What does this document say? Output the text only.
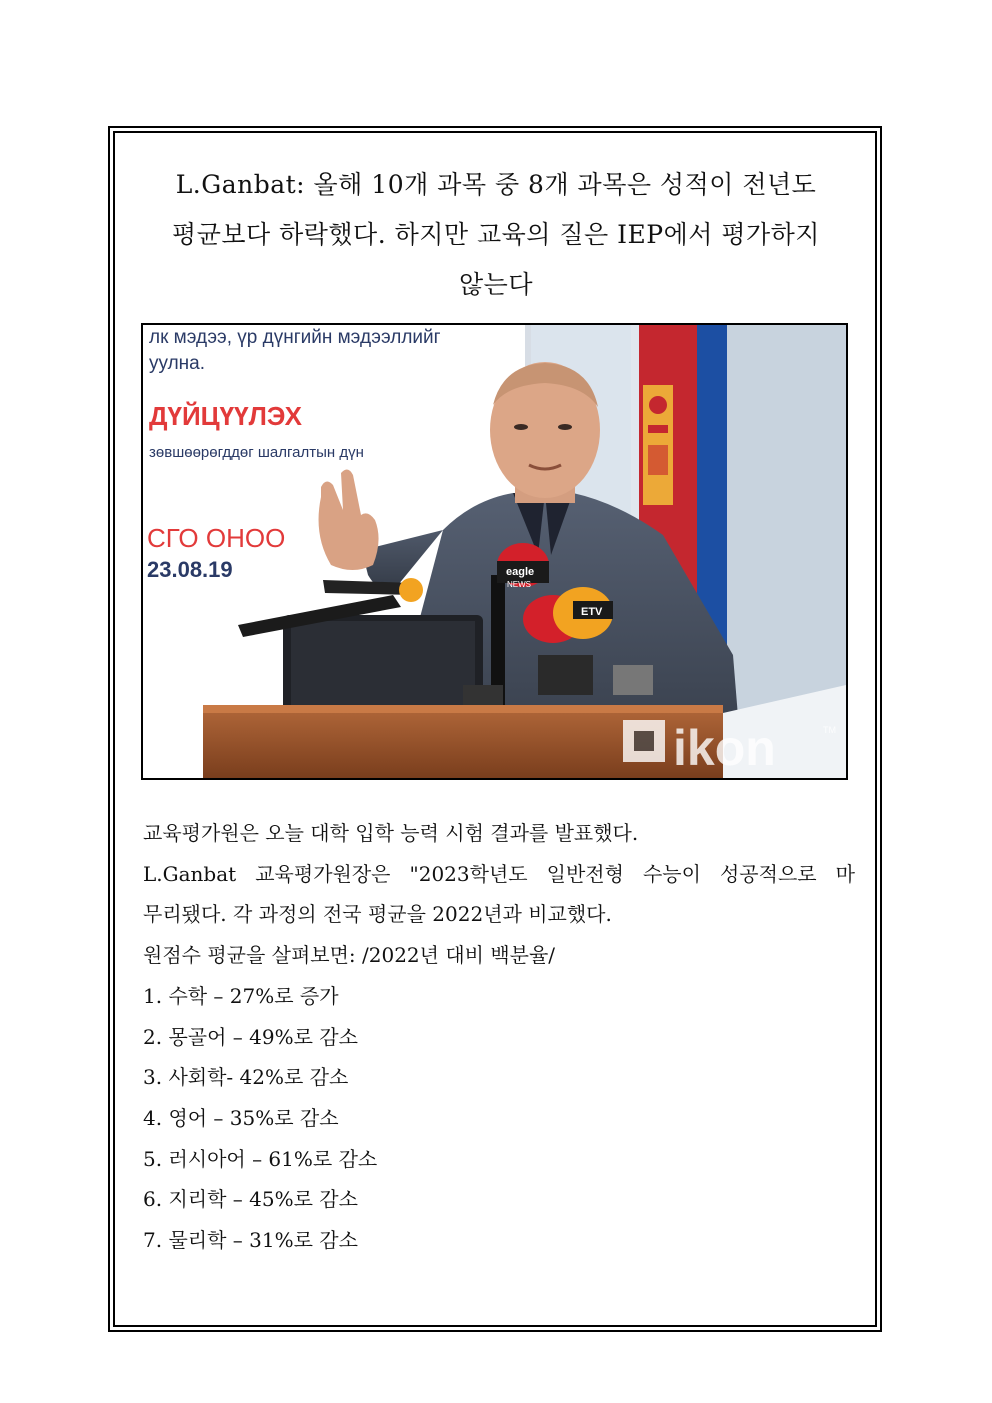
L.Ganbat: 올해 10개 과목 중 8개 과목은 성적이 전년도
평균보다 하락했다. 하지만 교육의 질은 IEP에서 평가하지
않는다
лк мэдээ, үр дүнгийн мэдээллийг
уулна.
ДҮЙЦҮҮЛЭХ
зөвшөөрөгддөг шалгалтын дүн
СГО ОНОО
23.08.19	eagle
NEWS
ETV
ikon	TM

교육평가원은 오늘 대학 입학 능력 시험 결과를 발표했다.

L.Ganbat 교육평가원장은 "2023학년도 일반전형 수능이 성공적으로 마

무리됐다. 각 과정의 전국 평균을 2022년과 비교했다.

원점수 평균을 살펴보면: /2022년 대비 백분율/

1. 수학 – 27%로 증가

2. 몽골어 – 49%로 감소

3. 사회학- 42%로 감소

4. 영어 – 35%로 감소

5. 러시아어 – 61%로 감소

6. 지리학 – 45%로 감소

7. 물리학 – 31%로 감소
